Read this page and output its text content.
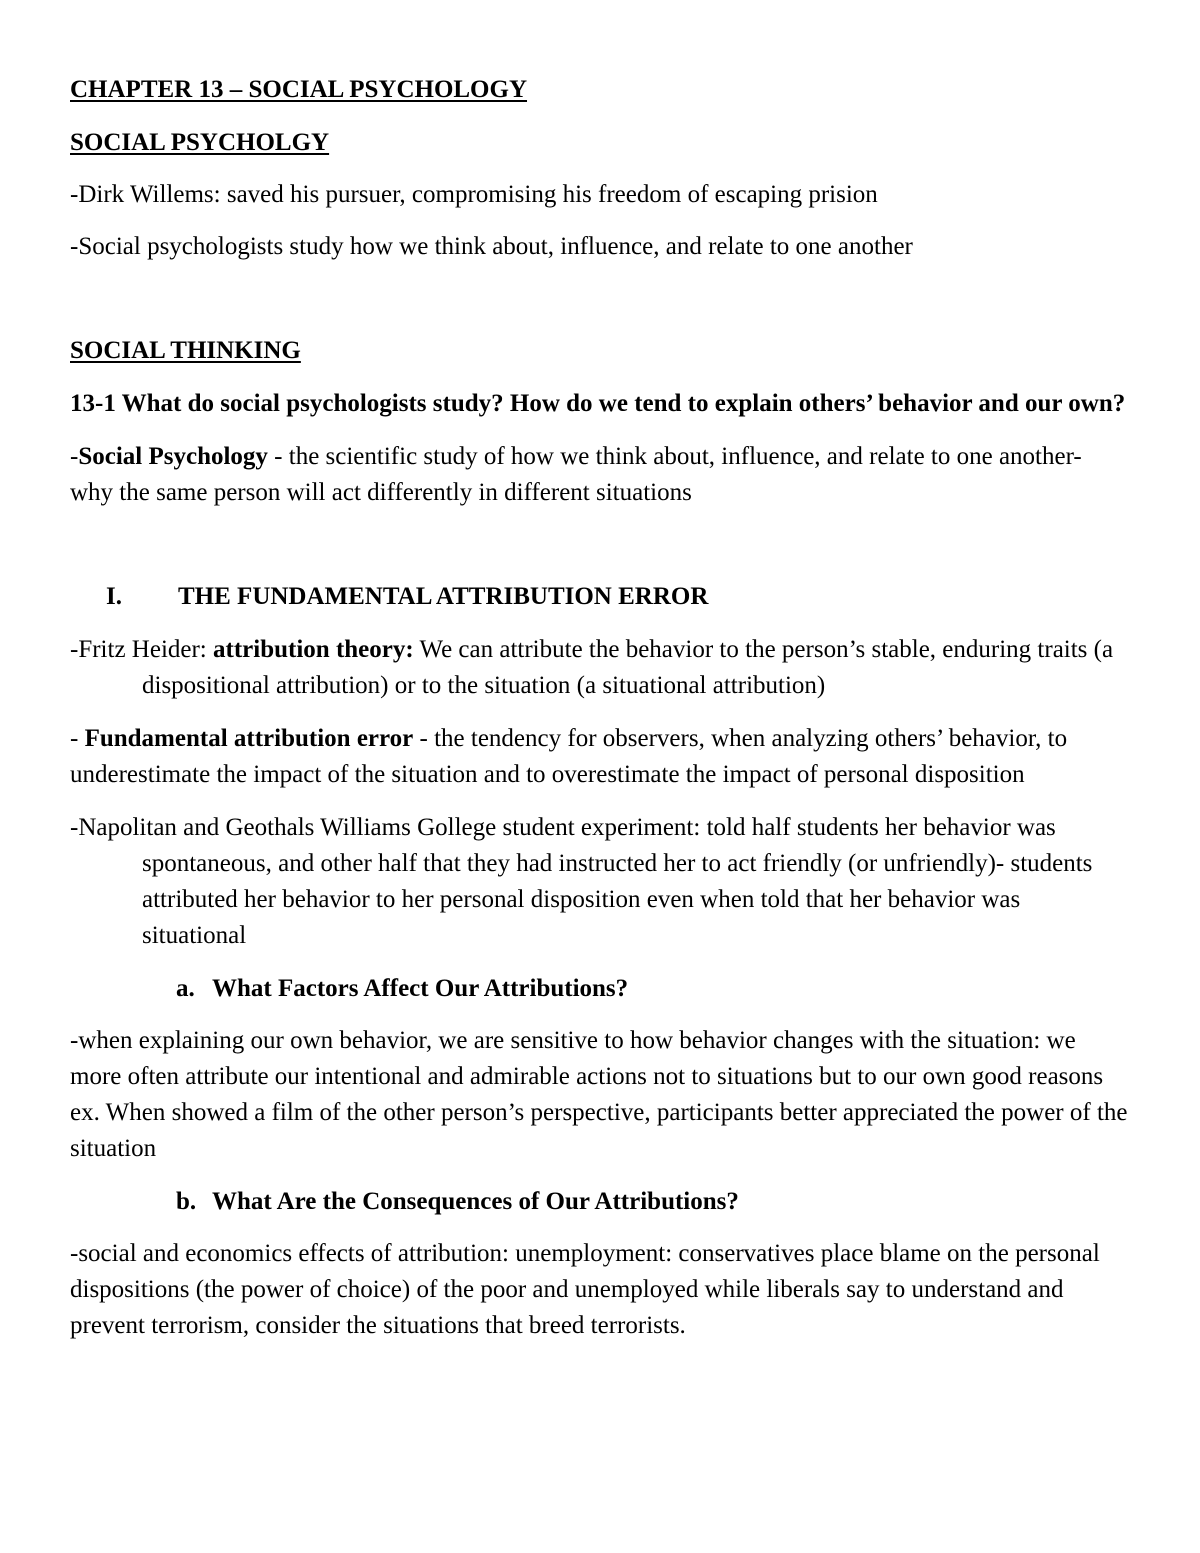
CHAPTER 13 – SOCIAL PSYCHOLOGY

SOCIAL PSYCHOLGY

-Dirk Willems: saved his pursuer, compromising his freedom of escaping prision

-Social psychologists study how we think about, influence, and relate to one another

SOCIAL THINKING

13-1 What do social psychologists study? How do we tend to explain others’ behavior and our own?

-Social Psychology - the scientific study of how we think about, influence, and relate to one another- why the same person will act differently in different situations

I.	THE FUNDAMENTAL ATTRIBUTION ERROR

-Fritz Heider: attribution theory: We can attribute the behavior to the person’s stable, enduring traits (a dispositional attribution) or to the situation (a situational attribution)

- Fundamental attribution error - the tendency for observers, when analyzing others’ behavior, to underestimate the impact of the situation and to overestimate the impact of personal disposition

-Napolitan and Geothals Williams Gollege student experiment: told half students her behavior was spontaneous, and other half that they had instructed her to act friendly (or unfriendly)- students attributed her behavior to her personal disposition even when told that her behavior was situational

a. What Factors Affect Our Attributions?

-when explaining our own behavior, we are sensitive to how behavior changes with the situation: we more often attribute our intentional and admirable actions not to situations but to our own good reasons ex. When showed a film of the other person’s perspective, participants better appreciated the power of the situation

b. What Are the Consequences of Our Attributions?

-social and economics effects of attribution: unemployment: conservatives place blame on the personal dispositions (the power of choice) of the poor and unemployed while liberals say to understand and prevent terrorism, consider the situations that breed terrorists.
